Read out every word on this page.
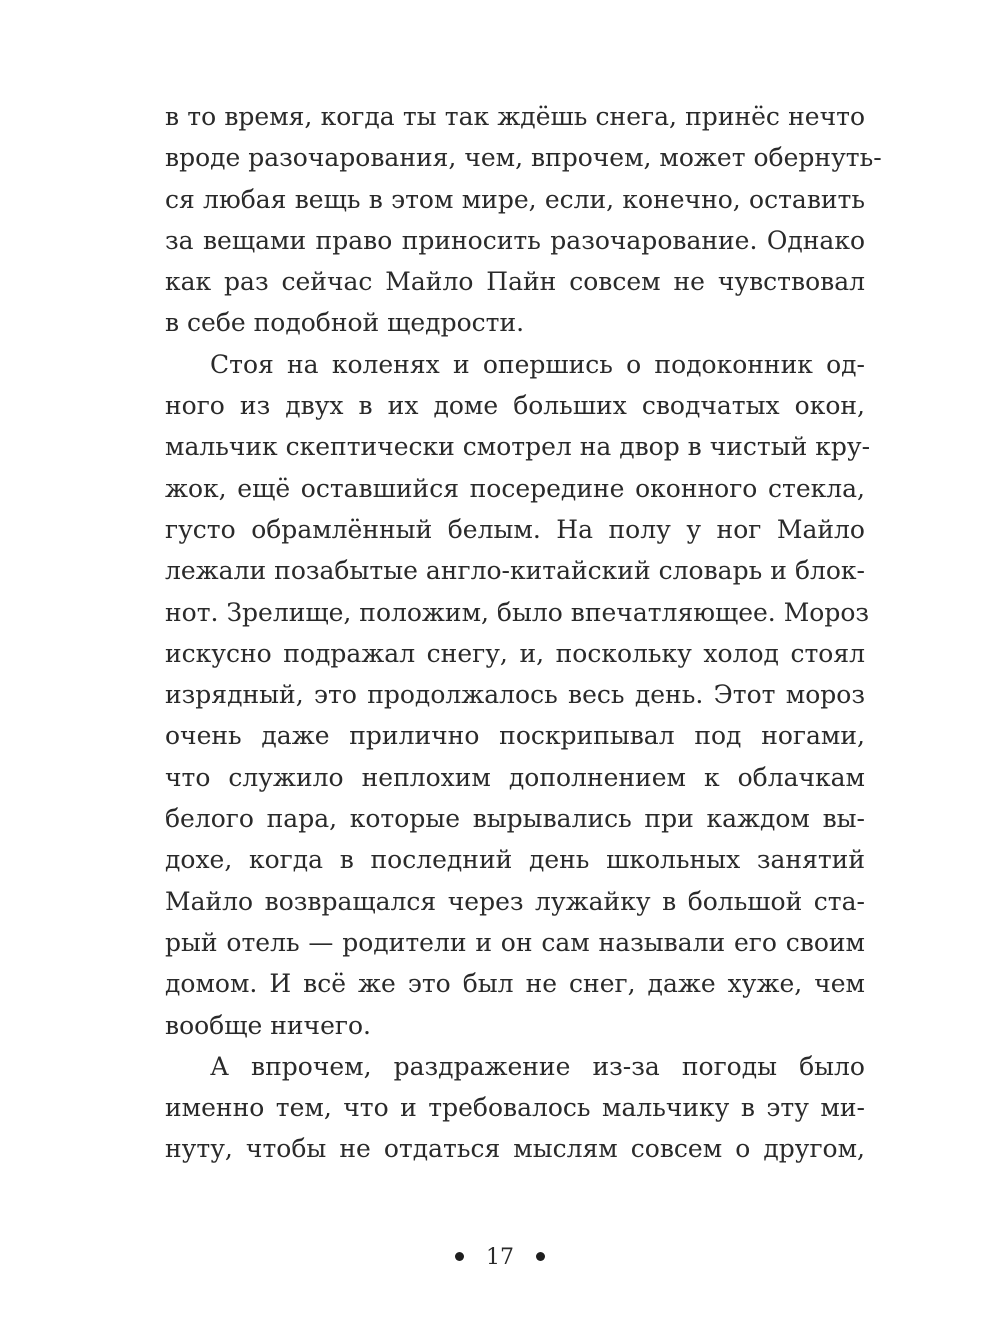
в то время, когда ты так ждёшь снега, принёс нечто
вроде разочарования, чем, впрочем, может обернуть-
ся любая вещь в этом мире, если, конечно, оставить
за вещами право приносить разочарование. Однако
как раз сейчас Майло Пайн совсем не чувствовал
в себе подобной щедрости.
Стоя на коленях и опершись о подоконник од-
ного из двух в их доме больших сводчатых окон,
мальчик скептически смотрел на двор в чистый кру-
жок, ещё оставшийся посередине оконного стекла,
густо обрамлённый белым. На полу у ног Майло
лежали позабытые англо-китайский словарь и блок-
нот. Зрелище, положим, было впечатляющее. Мороз
искусно подражал снегу, и, поскольку холод стоял
изрядный, это продолжалось весь день. Этот мороз
очень даже прилично поскрипывал под ногами,
что служило неплохим дополнением к облачкам
белого пара, которые вырывались при каждом вы-
дохе, когда в последний день школьных занятий
Майло возвращался через лужайку в большой ста-
рый отель — родители и он сам называли его своим
домом. И всё же это был не снег, даже хуже, чем
вообще ничего.
А впрочем, раздражение из-за погоды было
именно тем, что и требовалось мальчику в эту ми-
нуту, чтобы не отдаться мыслям совсем о другом,
17
